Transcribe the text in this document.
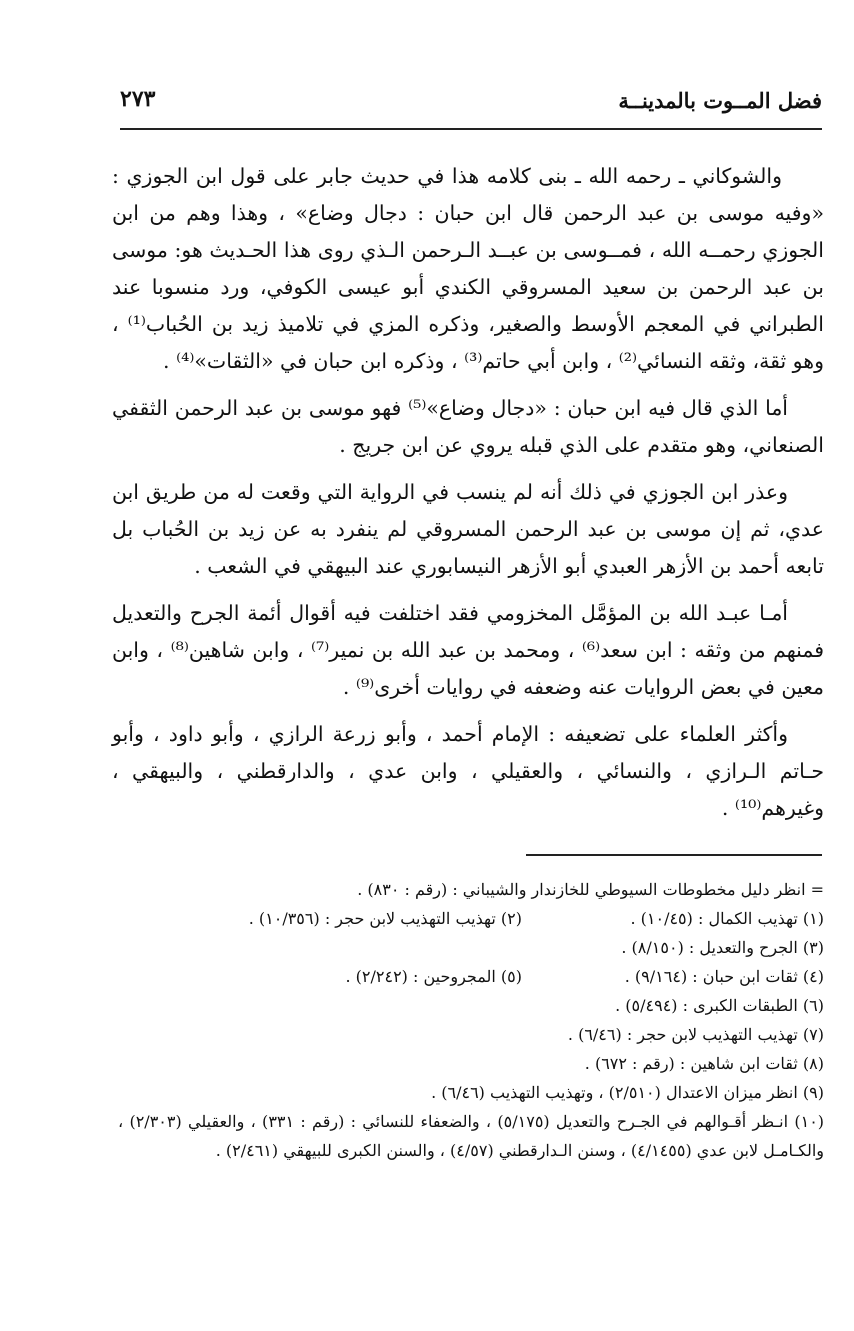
فضل المــوت بالمدينــة
٢٧٣

والشوكاني ـ رحمه الله ـ بنى كلامه هذا في حديث جابر على قول ابن الجوزي : «وفيه موسى بن عبد الرحمن قال ابن حبان : دجال وضاع» ، وهذا وهم من ابن الجوزي رحمــه الله ، فمــوسى بن عبــد الـرحمن الـذي روى هذا الحـديث هو: موسى بن عبد الرحمن بن سعيد المسروقي الكندي أبو عيسى الكوفي، ورد منسوبا عند الطبراني في المعجم الأوسط والصغير، وذكره المزي في تلاميذ زيد بن الحُباب⁽¹⁾ ، وهو ثقة، وثقه النسائي⁽²⁾ ، وابن أبي حاتم⁽³⁾ ، وذكره ابن حبان في «الثقات»⁽⁴⁾ .

أما الذي قال فيه ابن حبان : «دجال وضاع»⁽⁵⁾ فهو موسى بن عبد الرحمن الثقفي الصنعاني، وهو متقدم على الذي قبله يروي عن ابن جريج .

وعذر ابن الجوزي في ذلك أنه لم ينسب في الرواية التي وقعت له من طريق ابن عدي، ثم إن موسى بن عبد الرحمن المسروقي لم ينفرد به عن زيد بن الحُباب بل تابعه أحمد بن الأزهر العبدي أبو الأزهر النيسابوري عند البيهقي في الشعب .

أمـا عبـد الله بن المؤمَّل المخزومي فقد اختلفت فيه أقوال أئمة الجرح والتعديل فمنهم من وثقه : ابن سعد⁽⁶⁾ ، ومحمد بن عبد الله بن نمير⁽⁷⁾ ، وابن شاهين⁽⁸⁾ ، وابن معين في بعض الروايات عنه وضعفه في روايات أخرى⁽⁹⁾ .

وأكثر العلماء على تضعيفه : الإمام أحمد ، وأبو زرعة الرازي ، وأبو داود ، وأبو حـاتم الـرازي ، والنسائي ، والعقيلي ، وابن عدي ، والدارقطني ، والبيهقي ، وغيرهم⁽¹⁰⁾ .

= انظر دليل مخطوطات السيوطي للخازندار والشيباني : (رقم : ٨٣٠) .

(١) تهذيب الكمال : (١٠/٤٥) .
(٢) تهذيب التهذيب لابن حجر : (١٠/٣٥٦) .

(٣) الجرح والتعديل : (٨/١٥٠) .

(٤) ثقات ابن حبان : (٩/١٦٤) .
(٥) المجروحين : (٢/٢٤٢) .

(٦) الطبقات الكبرى : (٥/٤٩٤) .

(٧) تهذيب التهذيب لابن حجر : (٦/٤٦) .

(٨) ثقات ابن شاهين : (رقم : ٦٧٢) .

(٩) انظر ميزان الاعتدال (٢/٥١٠) ، وتهذيب التهذيب (٦/٤٦) .

(١٠) انـظر أقـوالهم في الجـرح والتعديل (٥/١٧٥) ، والضعفاء للنسائي : (رقم : ٣٣١) ، والعقيلي (٢/٣٠٣) ، والكـامـل لابن عدي (٤/١٤٥٥) ، وسنن الـدارقطني (٤/٥٧) ، والسنن الكبرى للبيهقي (٢/٤٦١) .
